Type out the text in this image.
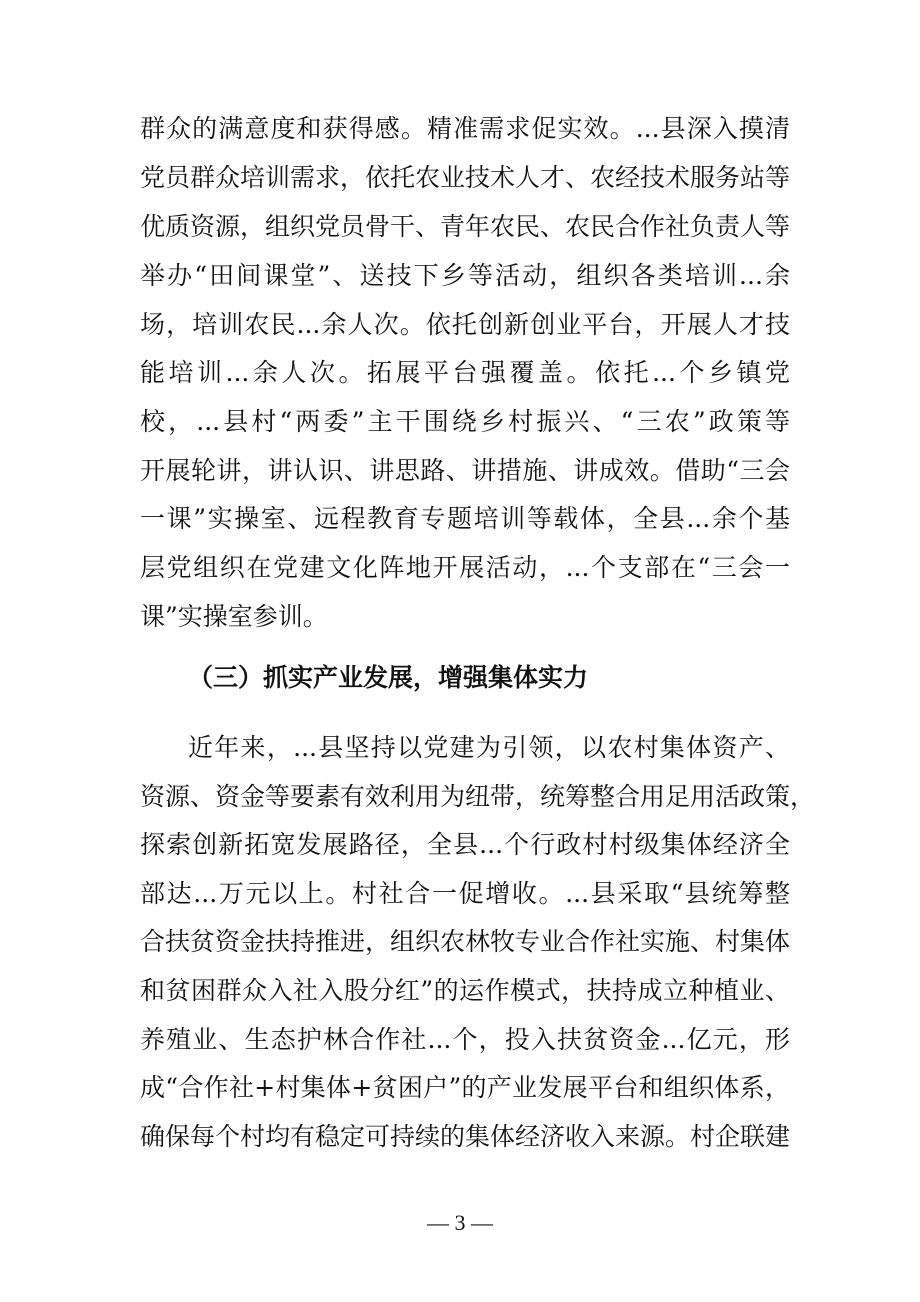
群众的满意度和获得感。精准需求促实效。...县深入摸清
党员群众培训需求，依托农业技术人才、农经技术服务站等
优质资源，组织党员骨干、青年农民、农民合作社负责人等
举办“田间课堂”、送技下乡等活动，组织各类培训...余
场，培训农民...余人次。依托创新创业平台，开展人才技
能培训...余人次。拓展平台强覆盖。依托...个乡镇党
校，...县村“两委”主干围绕乡村振兴、“三农”政策等
开展轮讲，讲认识、讲思路、讲措施、讲成效。借助“三会
一课”实操室、远程教育专题培训等载体，全县...余个基
层党组织在党建文化阵地开展活动，...个支部在“三会一
课”实操室参训。
（三）抓实产业发展，增强集体实力
近年来，...县坚持以党建为引领，以农村集体资产、
资源、资金等要素有效利用为纽带，统筹整合用足用活政策，
探索创新拓宽发展路径，全县...个行政村村级集体经济全
部达...万元以上。村社合一促增收。...县采取“县统筹整
合扶贫资金扶持推进，组织农林牧专业合作社实施、村集体
和贫困群众入社入股分红”的运作模式，扶持成立种植业、
养殖业、生态护林合作社...个，投入扶贫资金...亿元，形
成“合作社+村集体+贫困户”的产业发展平台和组织体系，
确保每个村均有稳定可持续的集体经济收入来源。村企联建
— 3 —
